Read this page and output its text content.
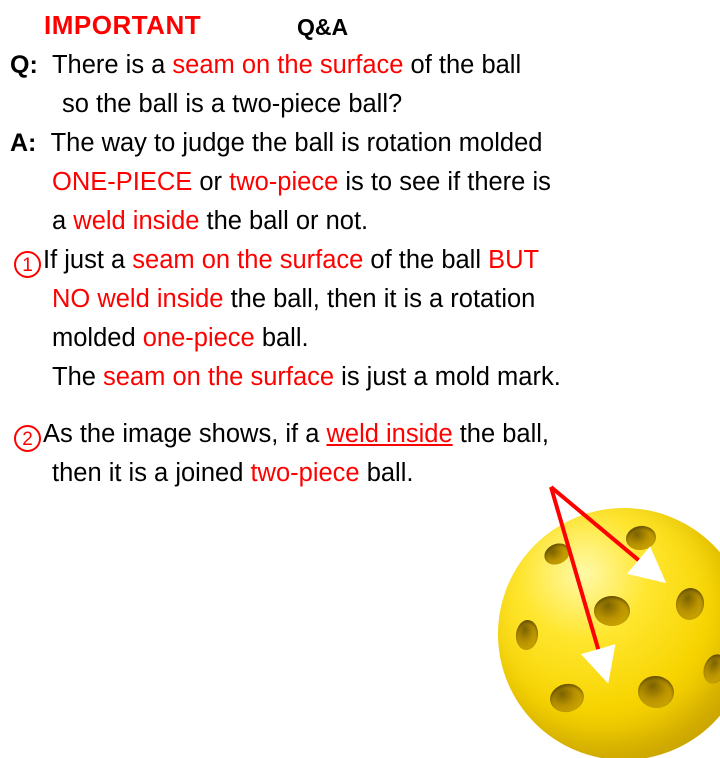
IMPORTANT	Q&A
Q: There is a seam on the surface of the ball
so the ball is a two-piece ball?
A: The way to judge the ball is rotation molded
ONE-PIECE or two-piece is to see if there is
a weld inside the ball or not.
1 If just a seam on the surface of the ball BUT
NO weld inside the ball, then it is a rotation
molded one-piece ball.
The seam on the surface is just a mold mark.
2 As the image shows, if a weld inside the ball,
then it is a joined two-piece ball.
